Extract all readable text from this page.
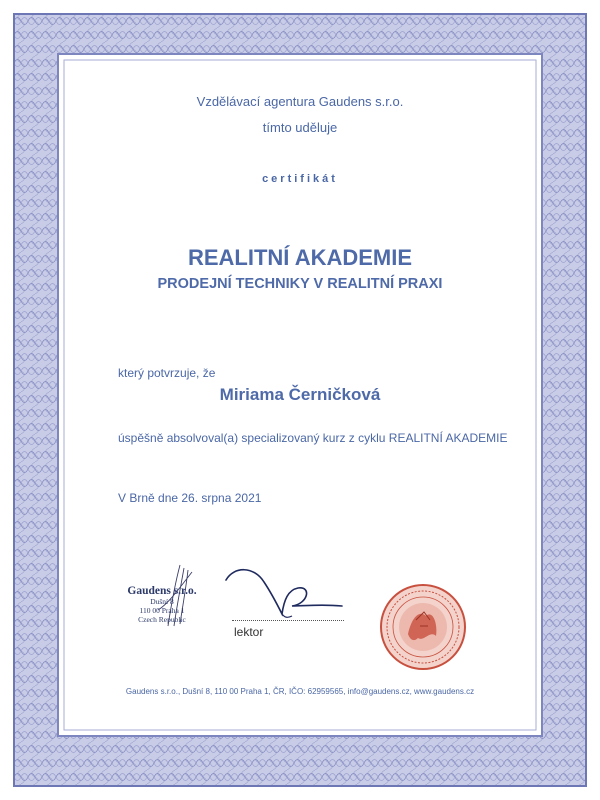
Vzdělávací agentura Gaudens s.r.o.

tímto uděluje

certifikát

REALITNÍ AKADEMIE

PRODEJNÍ TECHNIKY V REALITNÍ PRAXI

který potvrzuje, že

Miriama Černičková

úspěšně absolvoval(a) specializovaný kurz z cyklu REALITNÍ AKADEMIE

V Brně dne 26. srpna 2021

Gaudens s.r.o.
Dušní 8
110 00 Praha 1
Czech Republic

lektor

Gaudens s.r.o., Dušní 8, 110 00 Praha 1, ČR, IČO: 62959565, info@gaudens.cz, www.gaudens.cz
